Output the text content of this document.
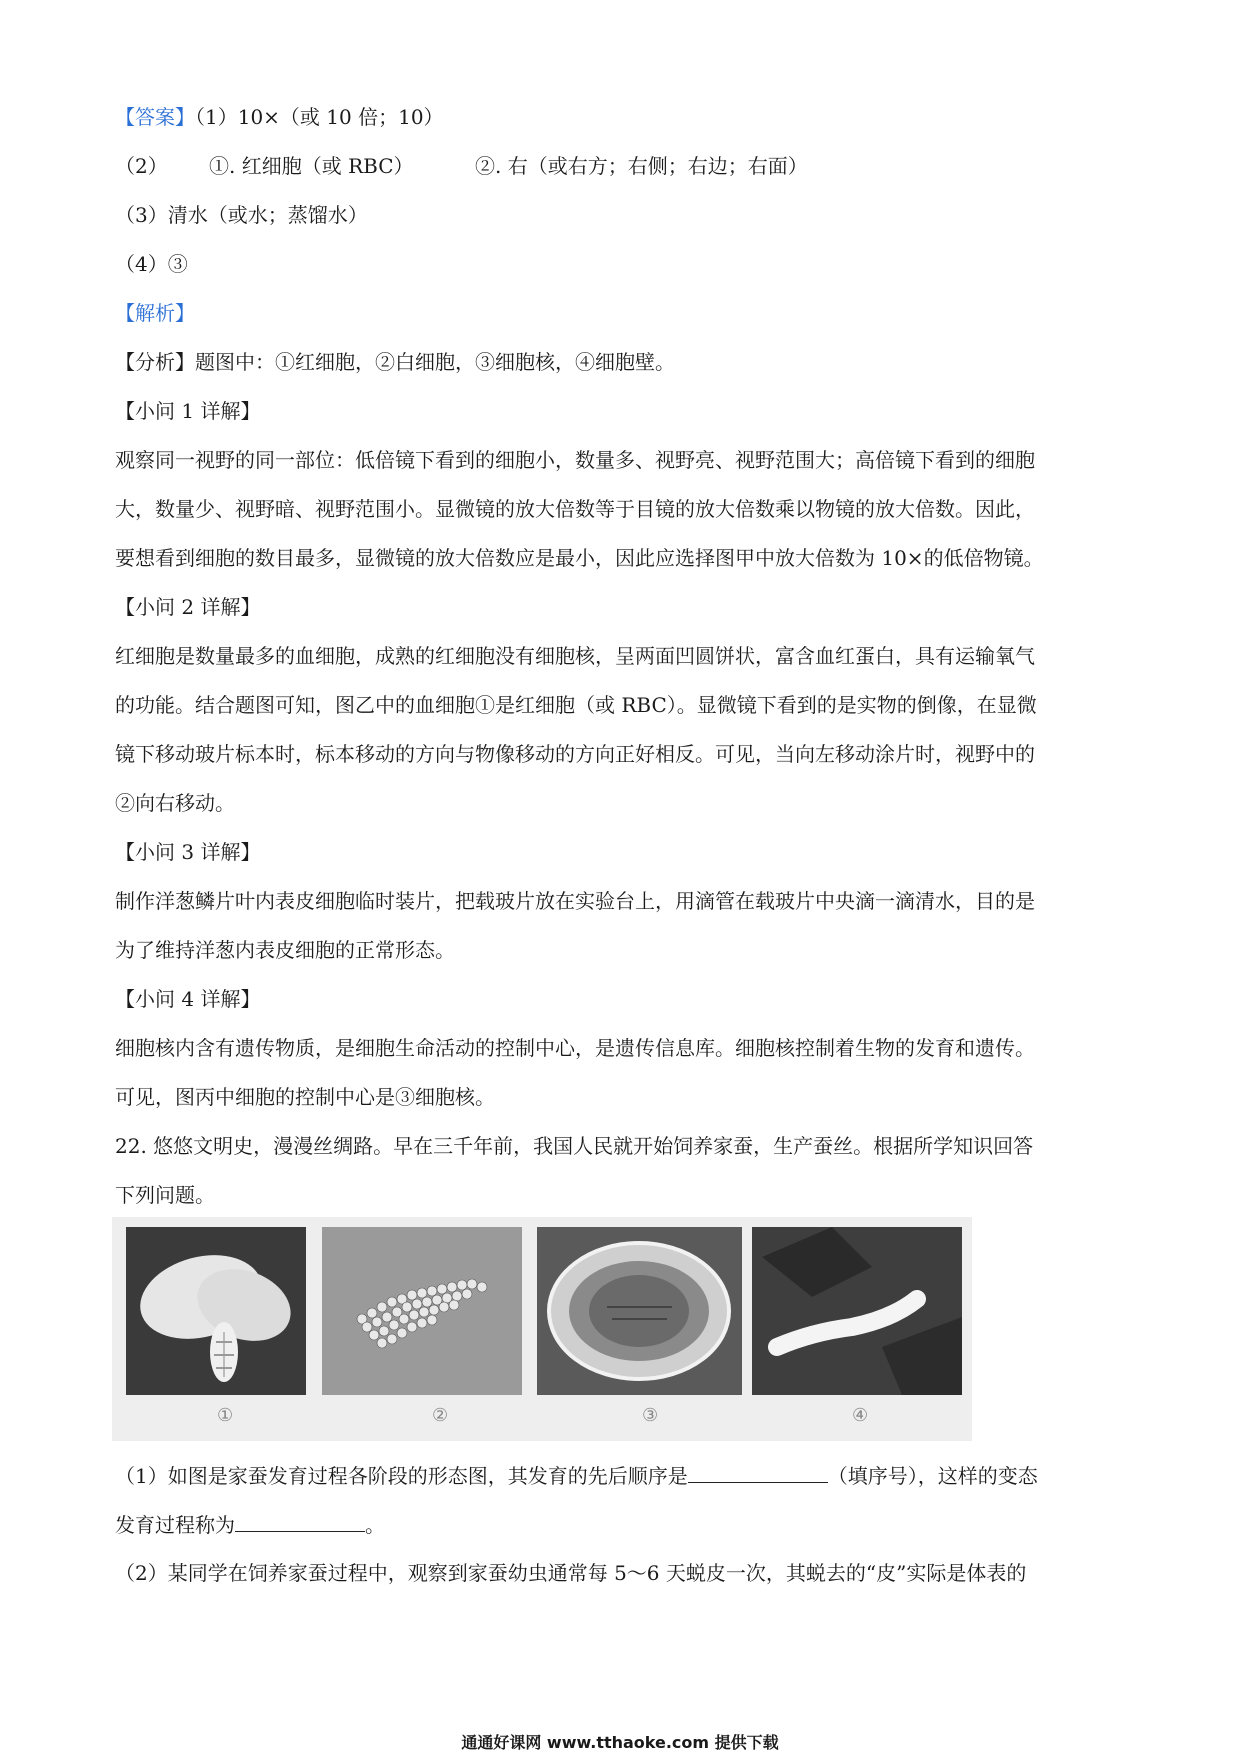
【答案】（1）10×（或 10 倍；10）
（2） ①. 红细胞（或 RBC）	②. 右（或右方；右侧；右边；右面）
（3）清水（或水；蒸馏水）
（4）③
【解析】
【分析】题图中：①红细胞，②白细胞，③细胞核，④细胞壁。
【小问 1 详解】
观察同一视野的同一部位：低倍镜下看到的细胞小，数量多、视野亮、视野范围大；高倍镜下看到的细胞
大，数量少、视野暗、视野范围小。显微镜的放大倍数等于目镜的放大倍数乘以物镜的放大倍数。因此，
要想看到细胞的数目最多，显微镜的放大倍数应是最小，因此应选择图甲中放大倍数为 10×的低倍物镜。
【小问 2 详解】
红细胞是数量最多的血细胞，成熟的红细胞没有细胞核，呈两面凹圆饼状，富含血红蛋白，具有运输氧气
的功能。结合题图可知，图乙中的血细胞①是红细胞（或 RBC）。显微镜下看到的是实物的倒像，在显微
镜下移动玻片标本时，标本移动的方向与物像移动的方向正好相反。可见，当向左移动涂片时，视野中的
②向右移动。
【小问 3 详解】
制作洋葱鳞片叶内表皮细胞临时装片，把载玻片放在实验台上，用滴管在载玻片中央滴一滴清水，目的是
为了维持洋葱内表皮细胞的正常形态。
【小问 4 详解】
细胞核内含有遗传物质，是细胞生命活动的控制中心，是遗传信息库。细胞核控制着生物的发育和遗传。
可见，图丙中细胞的控制中心是③细胞核。
22. 悠悠文明史，漫漫丝绸路。早在三千年前，我国人民就开始饲养家蚕，生产蚕丝。根据所学知识回答
下列问题。
①	②	③	④
（1）如图是家蚕发育过程各阶段的形态图，其发育的先后顺序是	（填序号），这样的变态
发育过程称为	。
（2）某同学在饲养家蚕过程中，观察到家蚕幼虫通常每 5～6 天蜕皮一次，其蜕去的“皮”实际是体表的
通通好课网 www.tthaoke.com 提供下载
